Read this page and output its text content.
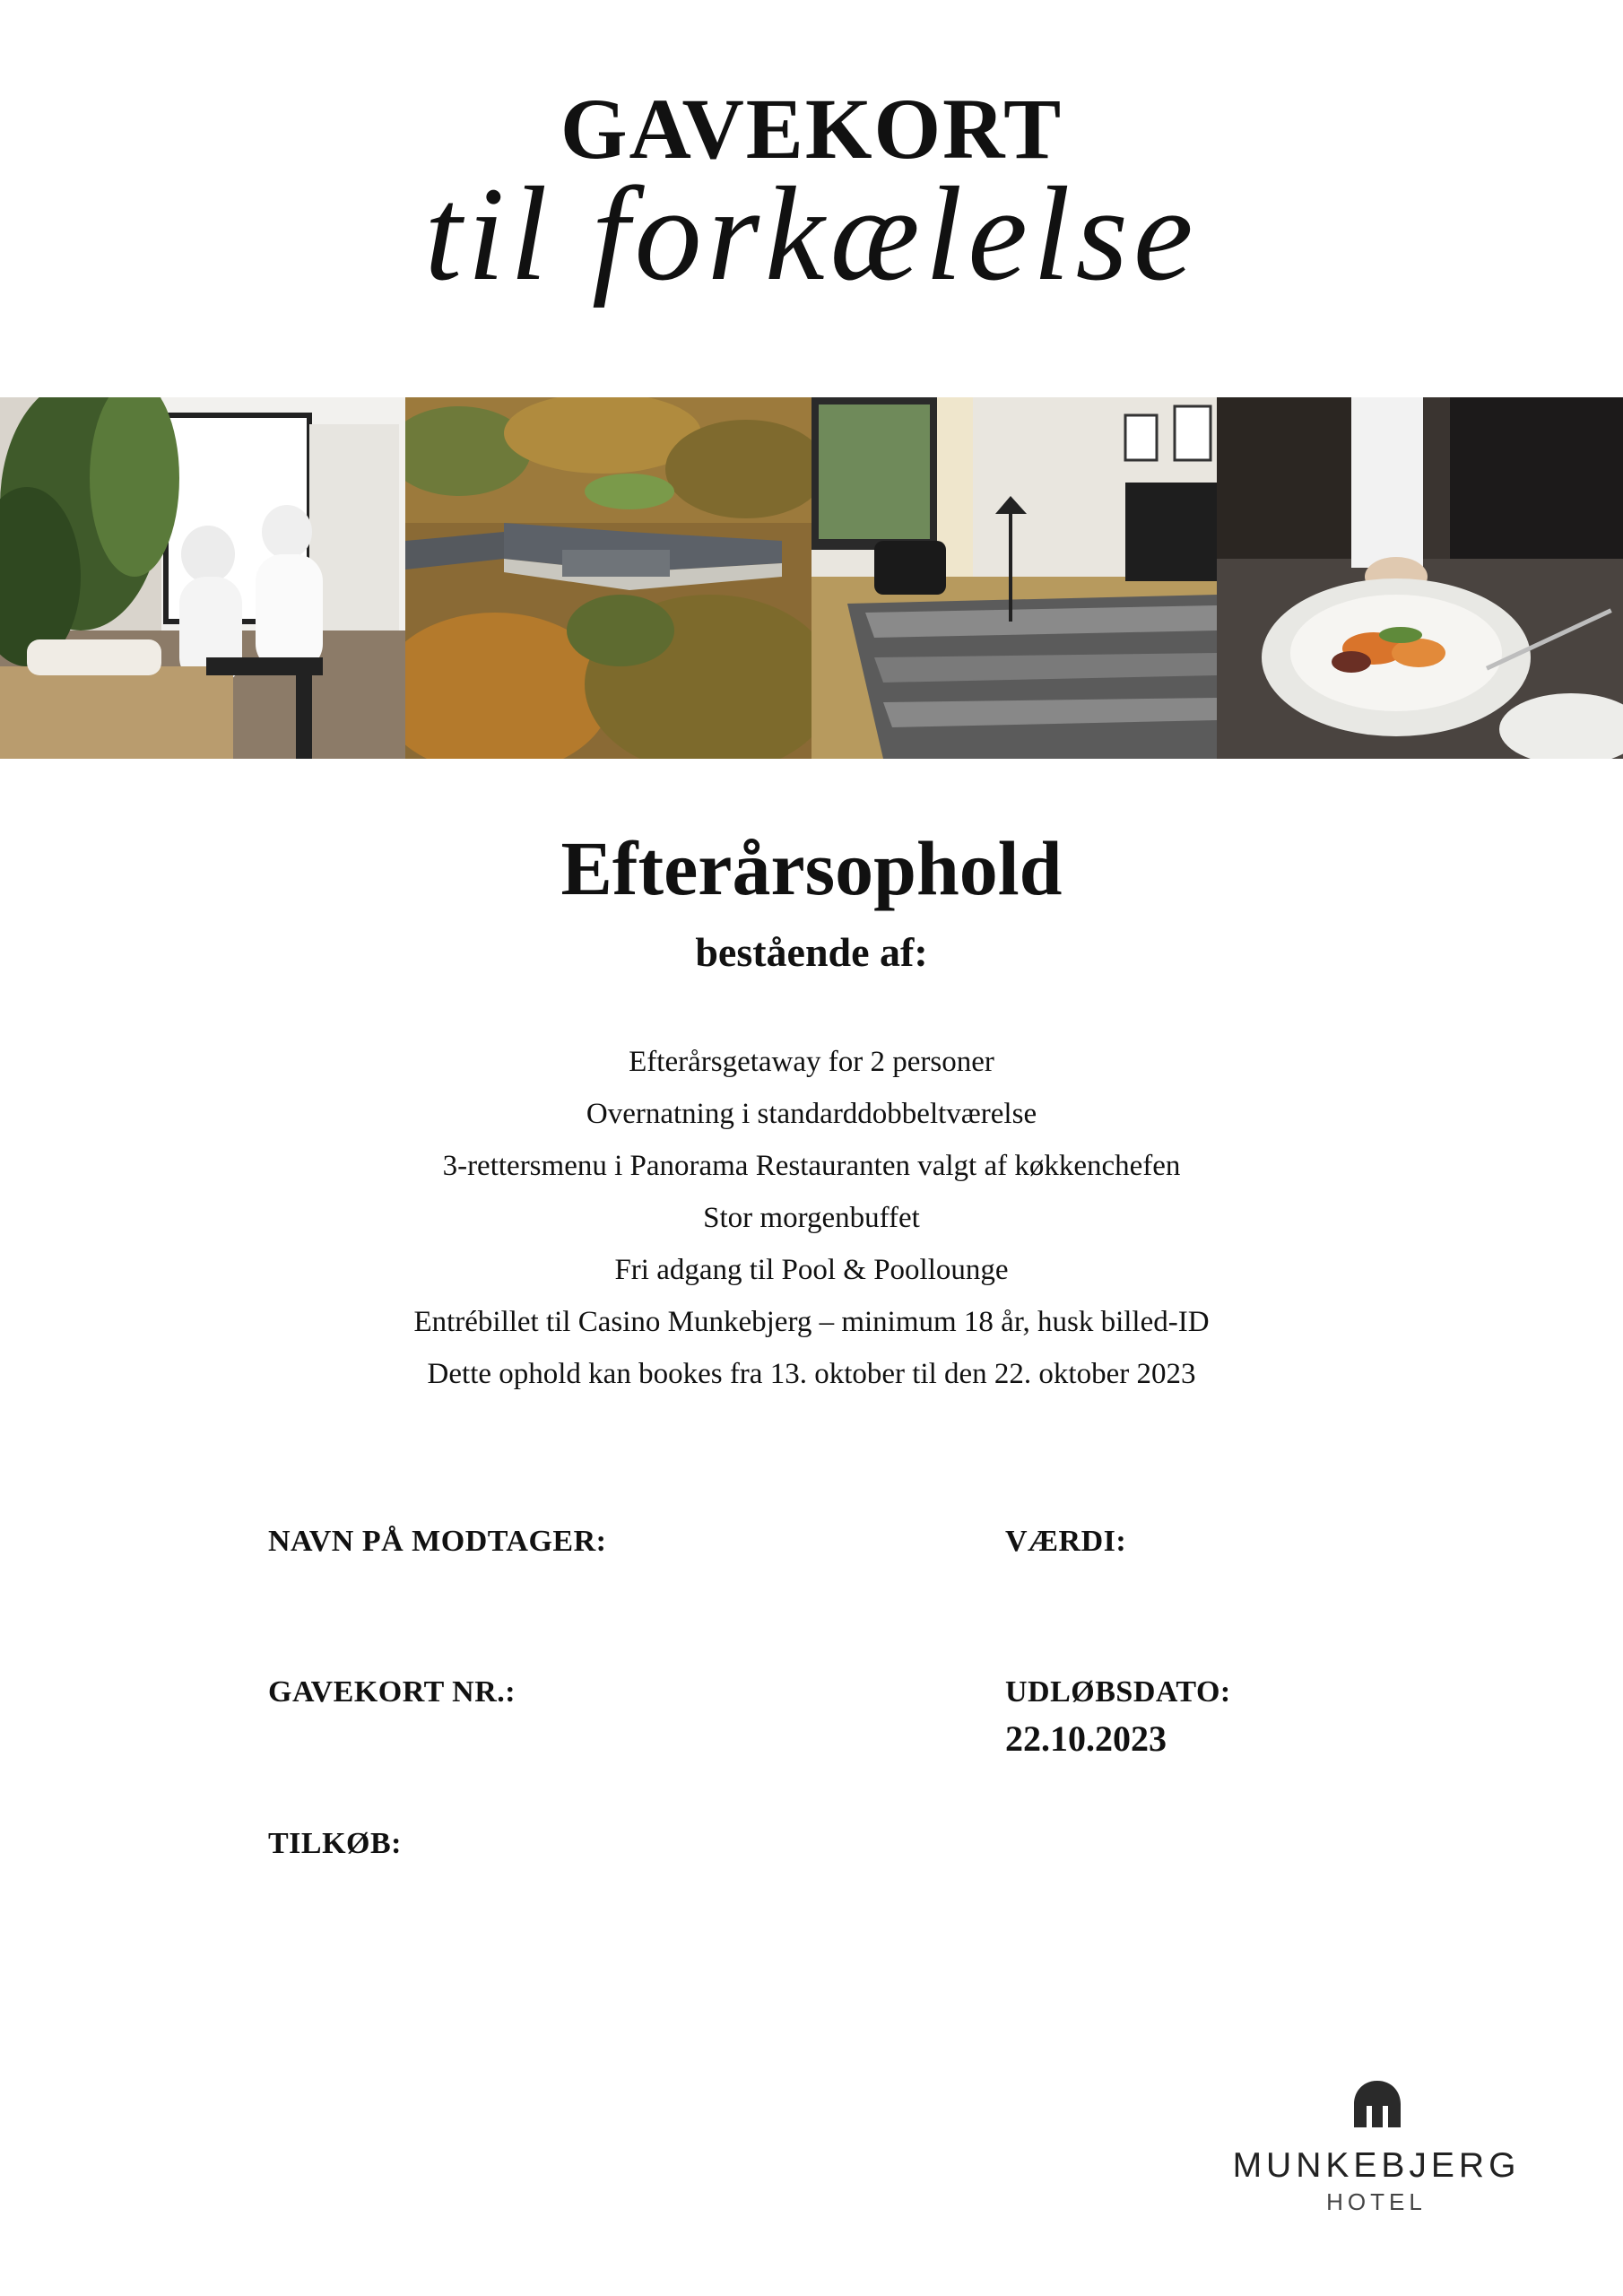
GAVEKORT
til forkælelse
Efterårsophold
bestående af:
Efterårsgetaway for 2 personer
Overnatning i standarddobbeltværelse
3-rettersmenu i Panorama Restauranten valgt af køkkenchefen
Stor morgenbuffet
Fri adgang til Pool & Poollounge
Entrébillet til Casino Munkebjerg – minimum 18 år, husk billed-ID
Dette ophold kan bookes fra 13. oktober til den 22. oktober 2023
NAVN PÅ MODTAGER:	VÆRDI:
GAVEKORT NR.:	UDLØBSDATO:
22.10.2023
TILKØB:
MUNKEBJERG
HOTEL
